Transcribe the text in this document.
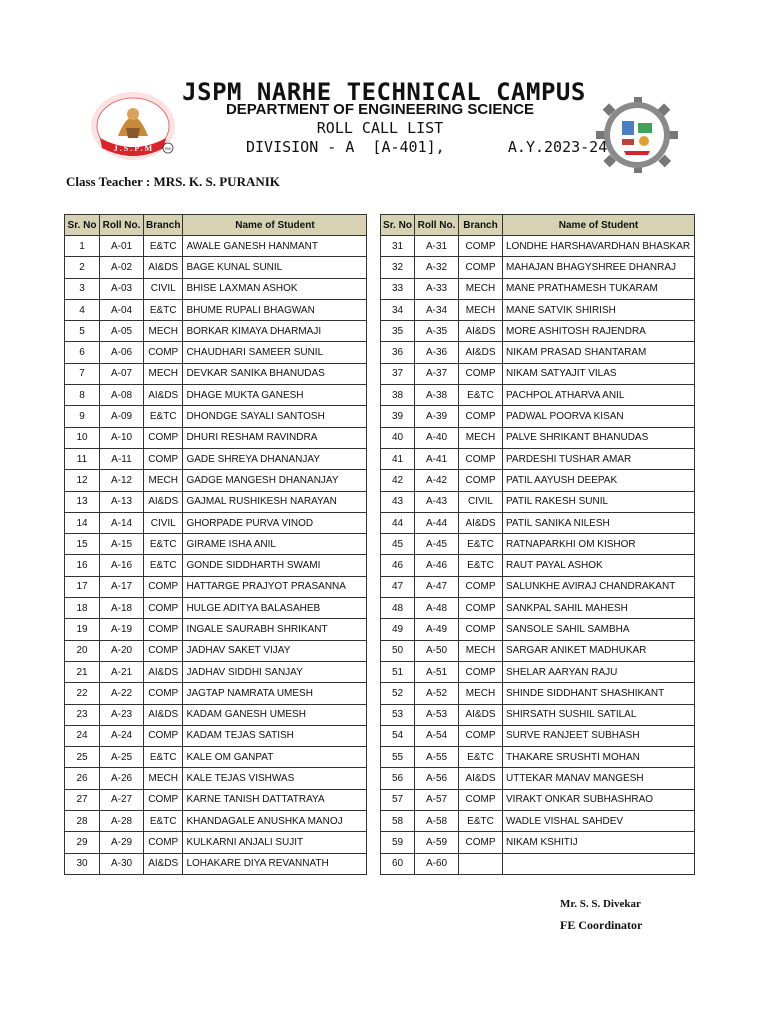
J . S . P . M	PMI
JSPM NARHE TECHNICAL CAMPUS
DEPARTMENT OF ENGINEERING SCIENCE
ROLL CALL LIST
DIVISION - A  [A-401],       A.Y.2023-24
Class Teacher : MRS. K. S. PURANIK
Sr. No	Roll No.	Branch	Name of Student
1	A-01	E&TC	AWALE GANESH HANMANT
2	A-02	AI&DS	BAGE KUNAL SUNIL
3	A-03	CIVIL	BHISE LAXMAN ASHOK
4	A-04	E&TC	BHUME RUPALI BHAGWAN
5	A-05	MECH	BORKAR KIMAYA DHARMAJI
6	A-06	COMP	CHAUDHARI SAMEER SUNIL
7	A-07	MECH	DEVKAR SANIKA BHANUDAS
8	A-08	AI&DS	DHAGE MUKTA GANESH
9	A-09	E&TC	DHONDGE SAYALI SANTOSH
10	A-10	COMP	DHURI RESHAM RAVINDRA
11	A-11	COMP	GADE SHREYA DHANANJAY
12	A-12	MECH	GADGE MANGESH DHANANJAY
13	A-13	AI&DS	GAJMAL RUSHIKESH NARAYAN
14	A-14	CIVIL	GHORPADE PURVA VINOD
15	A-15	E&TC	GIRAME ISHA ANIL
16	A-16	E&TC	GONDE SIDDHARTH SWAMI
17	A-17	COMP	HATTARGE PRAJYOT PRASANNA
18	A-18	COMP	HULGE ADITYA BALASAHEB
19	A-19	COMP	INGALE SAURABH SHRIKANT
20	A-20	COMP	JADHAV SAKET VIJAY
21	A-21	AI&DS	JADHAV SIDDHI SANJAY
22	A-22	COMP	JAGTAP NAMRATA UMESH
23	A-23	AI&DS	KADAM GANESH UMESH
24	A-24	COMP	KADAM TEJAS SATISH
25	A-25	E&TC	KALE OM GANPAT
26	A-26	MECH	KALE TEJAS VISHWAS
27	A-27	COMP	KARNE TANISH DATTATRAYA
28	A-28	E&TC	KHANDAGALE ANUSHKA MANOJ
29	A-29	COMP	KULKARNI ANJALI SUJIT
30	A-30	AI&DS	LOHAKARE DIYA REVANNATH
Sr. No	Roll No.	Branch	Name of Student
31	A-31	COMP	LONDHE HARSHAVARDHAN BHASKAR
32	A-32	COMP	MAHAJAN BHAGYSHREE DHANRAJ
33	A-33	MECH	MANE PRATHAMESH TUKARAM
34	A-34	MECH	MANE SATVIK SHIRISH
35	A-35	AI&DS	MORE ASHITOSH RAJENDRA
36	A-36	AI&DS	NIKAM PRASAD SHANTARAM
37	A-37	COMP	NIKAM SATYAJIT VILAS
38	A-38	E&TC	PACHPOL ATHARVA ANIL
39	A-39	COMP	PADWAL POORVA KISAN
40	A-40	MECH	PALVE SHRIKANT BHANUDAS
41	A-41	COMP	PARDESHI TUSHAR AMAR
42	A-42	COMP	PATIL AAYUSH DEEPAK
43	A-43	CIVIL	PATIL RAKESH SUNIL
44	A-44	AI&DS	PATIL SANIKA NILESH
45	A-45	E&TC	RATNAPARKHI OM KISHOR
46	A-46	E&TC	RAUT PAYAL ASHOK
47	A-47	COMP	SALUNKHE AVIRAJ CHANDRAKANT
48	A-48	COMP	SANKPAL SAHIL MAHESH
49	A-49	COMP	SANSOLE SAHIL SAMBHA
50	A-50	MECH	SARGAR ANIKET MADHUKAR
51	A-51	COMP	SHELAR AARYAN RAJU
52	A-52	MECH	SHINDE SIDDHANT SHASHIKANT
53	A-53	AI&DS	SHIRSATH SUSHIL SATILAL
54	A-54	COMP	SURVE RANJEET SUBHASH
55	A-55	E&TC	THAKARE SRUSHTI MOHAN
56	A-56	AI&DS	UTTEKAR MANAV MANGESH
57	A-57	COMP	VIRAKT ONKAR SUBHASHRAO
58	A-58	E&TC	WADLE VISHAL SAHDEV
59	A-59	COMP	NIKAM KSHITIJ
60	A-60		
Mr. S. S. Divekar
FE Coordinator
